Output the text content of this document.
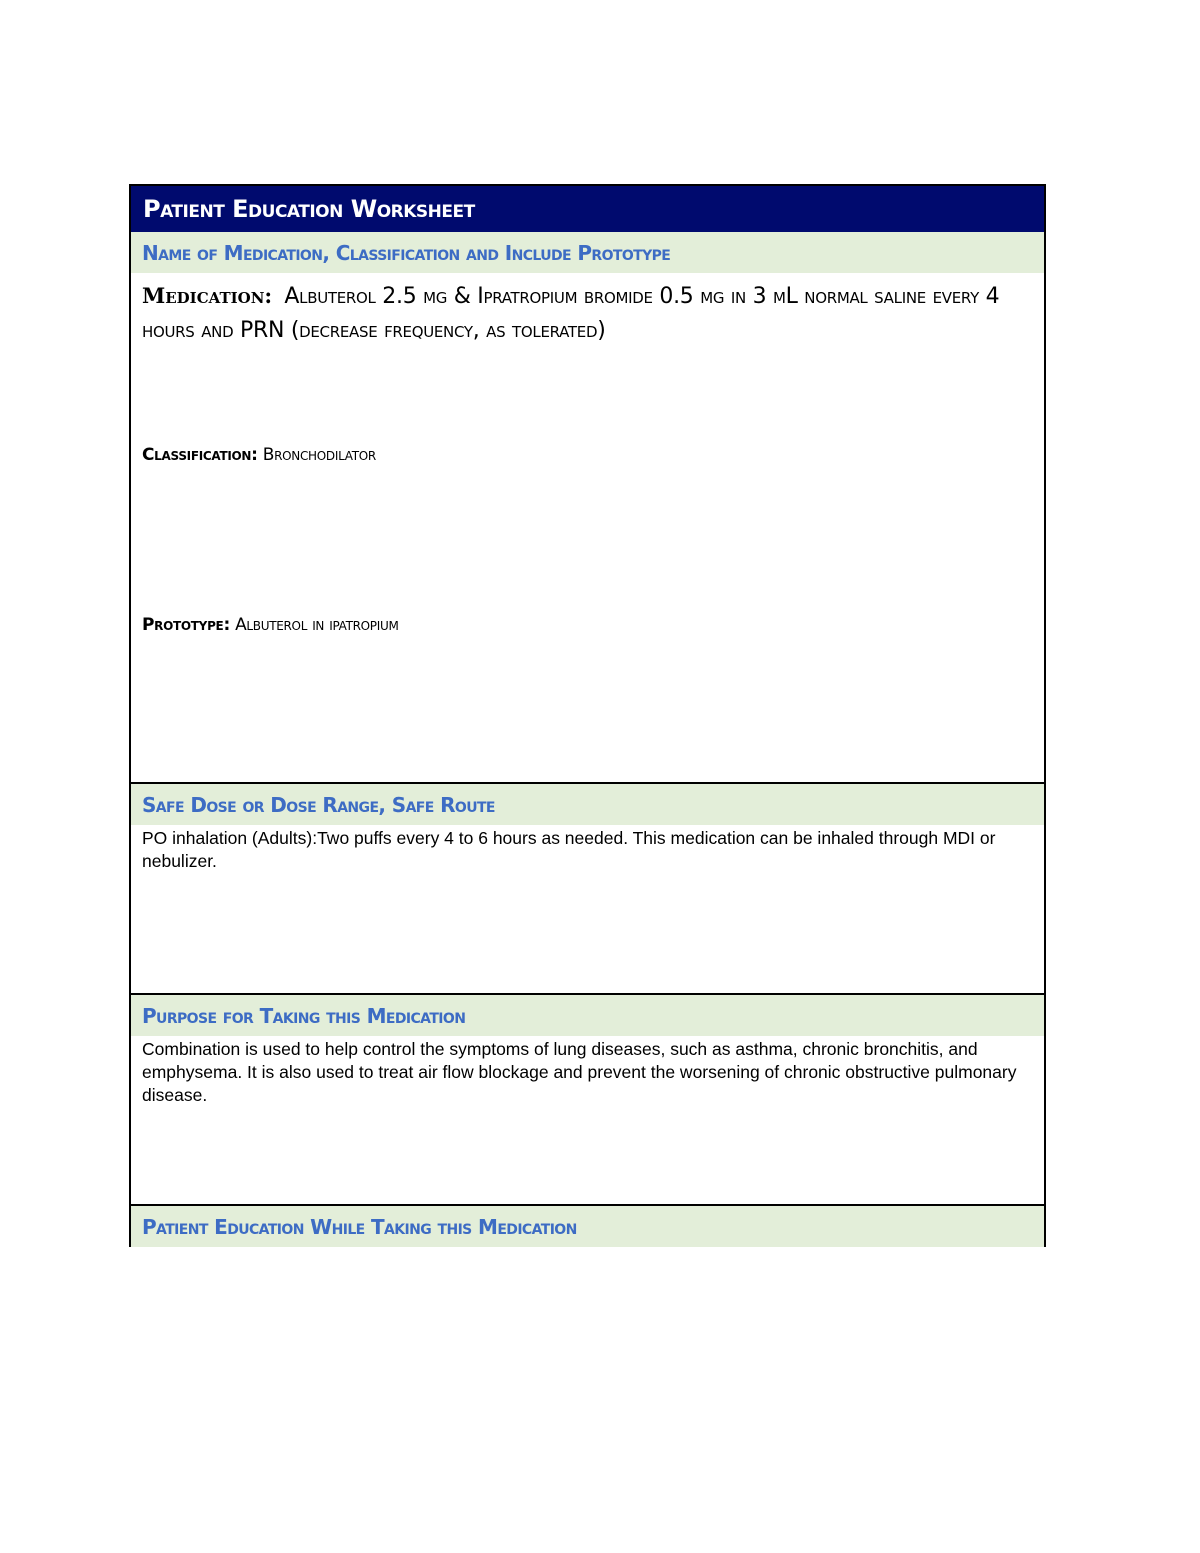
Patient Education Worksheet
Name of Medication, Classification and Include Prototype
Medication: Albuterol 2.5 mg & Ipratropium bromide 0.5 mg in 3 mL normal saline every 4 hours and PRN (decrease frequency, as tolerated)
Classification: Bronchodilator
Prototype: Albuterol in ipatropium
Safe Dose or Dose Range, Safe Route
PO inhalation (Adults):Two puffs every 4 to 6 hours as needed. This medication can be inhaled through MDI or nebulizer.
Purpose for Taking this Medication
Combination is used to help control the symptoms of lung diseases, such as asthma, chronic bronchitis, and emphysema. It is also used to treat air flow blockage and prevent the worsening of chronic obstructive pulmonary disease.
Patient Education While Taking this Medication
